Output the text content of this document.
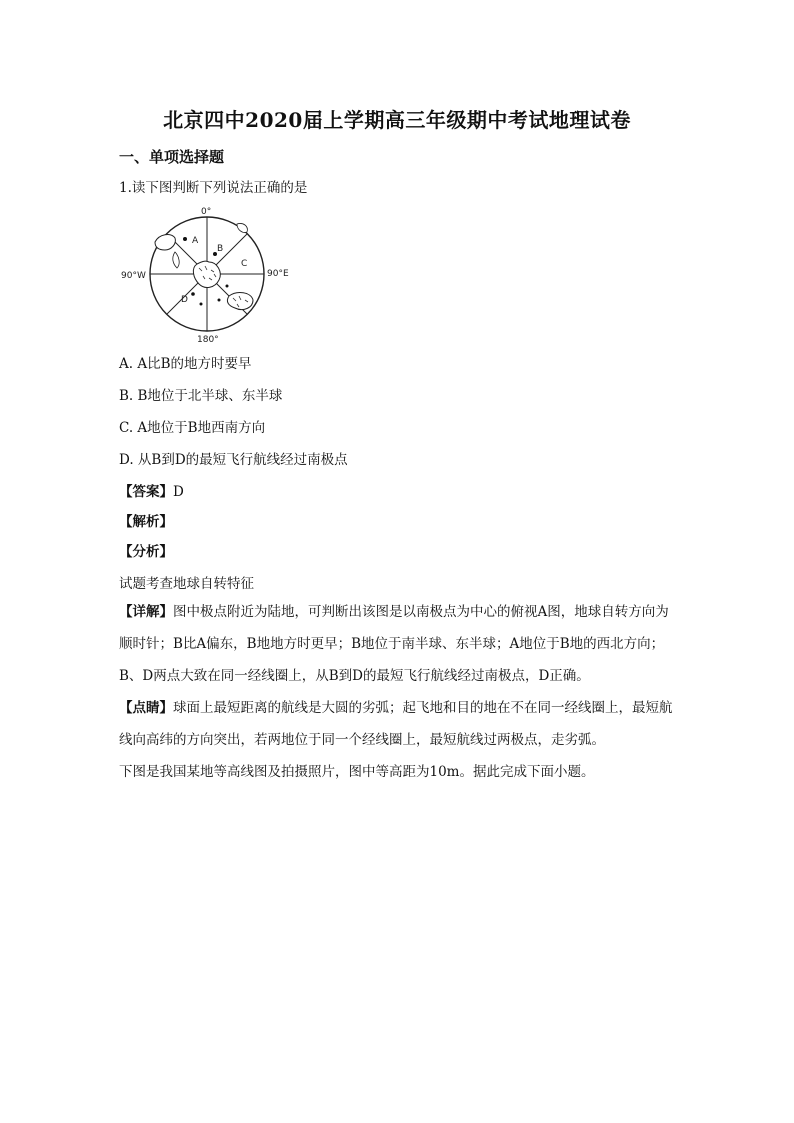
北京四中2020届上学期高三年级期中考试地理试卷
一、单项选择题
1.读下图判断下列说法正确的是
A
B
C
D
0°
180°
90°W	90°E
A. A比B的地方时要早
B. B地位于北半球、东半球
C. A地位于B地西南方向
D. 从B到D的最短飞行航线经过南极点
【答案】D
【解析】
【分析】
试题考查地球自转特征
【详解】图中极点附近为陆地，可判断出该图是以南极点为中心的俯视A图，地球自转方向为顺时针；B比A偏东，B地地方时更早；B地位于南半球、东半球；A地位于B地的西北方向；B、D两点大致在同一经线圈上，从B到D的最短飞行航线经过南极点，D正确。
【点睛】球面上最短距离的航线是大圆的劣弧；起飞地和目的地在不在同一经线圈上，最短航线向高纬的方向突出，若两地位于同一个经线圈上，最短航线过两极点，走劣弧。
下图是我国某地等高线图及拍摄照片，图中等高距为10m。据此完成下面小题。
